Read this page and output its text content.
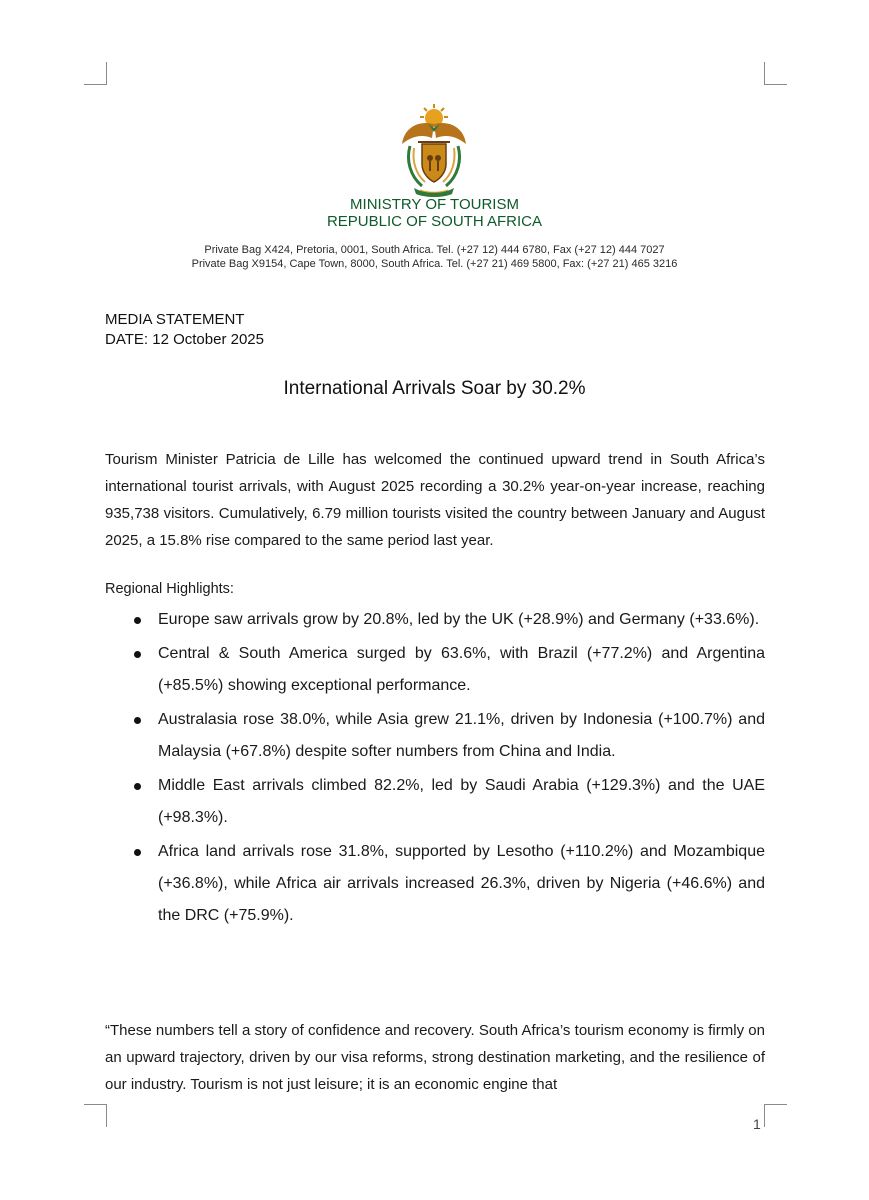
MINISTRY OF TOURISM
REPUBLIC OF SOUTH AFRICA
Private Bag X424, Pretoria, 0001, South Africa. Tel. (+27 12) 444 6780, Fax (+27 12) 444 7027
Private Bag X9154, Cape Town, 8000, South Africa. Tel. (+27 21) 469 5800, Fax: (+27 21) 465 3216
MEDIA STATEMENT
DATE: 12 October 2025
International Arrivals Soar by 30.2%

Tourism Minister Patricia de Lille has welcomed the continued upward trend in South Africa’s international tourist arrivals, with August 2025 recording a 30.2% year-on-year increase, reaching 935,738 visitors. Cumulatively, 6.79 million tourists visited the country between January and August 2025, a 15.8% rise compared to the same period last year.

Regional Highlights:
Europe saw arrivals grow by 20.8%, led by the UK (+28.9%) and Germany (+33.6%).
Central & South America surged by 63.6%, with Brazil (+77.2%) and Argentina (+85.5%) showing exceptional performance.
Australasia rose 38.0%, while Asia grew 21.1%, driven by Indonesia (+100.7%) and Malaysia (+67.8%) despite softer numbers from China and India.
Middle East arrivals climbed 82.2%, led by Saudi Arabia (+129.3%) and the UAE (+98.3%).
Africa land arrivals rose 31.8%, supported by Lesotho (+110.2%) and Mozambique (+36.8%), while Africa air arrivals increased 26.3%, driven by Nigeria (+46.6%) and the DRC (+75.9%).

“These numbers tell a story of confidence and recovery. South Africa’s tourism economy is firmly on an upward trajectory, driven by our visa reforms, strong destination marketing, and the resilience of our industry. Tourism is not just leisure; it is an economic engine that

1
